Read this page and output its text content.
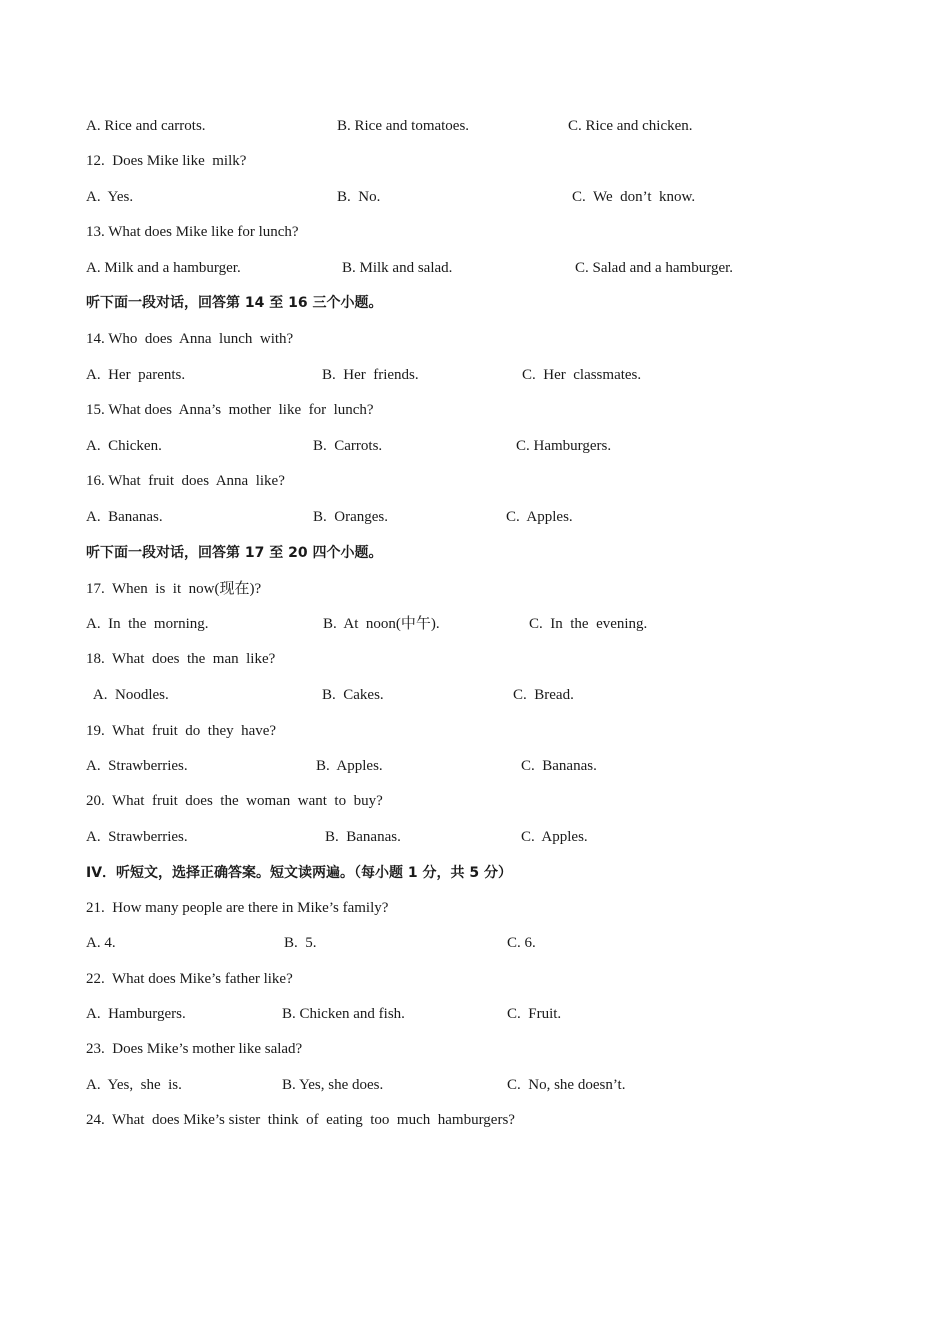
A. Rice and carrots.	B. Rice and tomatoes.	C. Rice and chicken.
12.  Does Mike like  milk?
A.  Yes.	B.  No.	C.  We  don’t  know.
13. What does Mike like for lunch?
A. Milk and a hamburger.	B. Milk and salad.	C. Salad and a hamburger.
听下面一段对话，回答第 14 至 16 三个小题。
14. Who  does  Anna  lunch  with?
A.  Her  parents.	B.  Her  friends.	C.  Her  classmates.
15. What does  Anna’s  mother  like  for  lunch?
A.  Chicken.	B.  Carrots.	C. Hamburgers.
16. What  fruit  does  Anna  like?
A.  Bananas.	B.  Oranges.	C.  Apples.
听下面一段对话，回答第 17 至 20 四个小题。
17.  When  is  it  now(现在)?
A.  In  the  morning.	B.  At  noon(中午).	C.  In  the  evening.
18.  What  does  the  man  like?
A.  Noodles.	B.  Cakes.	C.  Bread.
19.  What  fruit  do  they  have?
A.  Strawberries.	B.  Apples.	C.  Bananas.
20.  What  fruit  does  the  woman  want  to  buy?
A.  Strawberries.	B.  Bananas.	C.  Apples.
IV．听短文，选择正确答案。短文读两遍。（每小题 1 分，共 5 分）
21.  How many people are there in Mike’s family?
A. 4.	B.  5.	C. 6.
22.  What does Mike’s father like?
A.  Hamburgers.	B. Chicken and fish.	C.  Fruit.
23.  Does Mike’s mother like salad?
A.  Yes,  she  is.	B. Yes, she does.	C.  No, she doesn’t.
24.  What  does Mike’s sister  think  of  eating  too  much  hamburgers?
